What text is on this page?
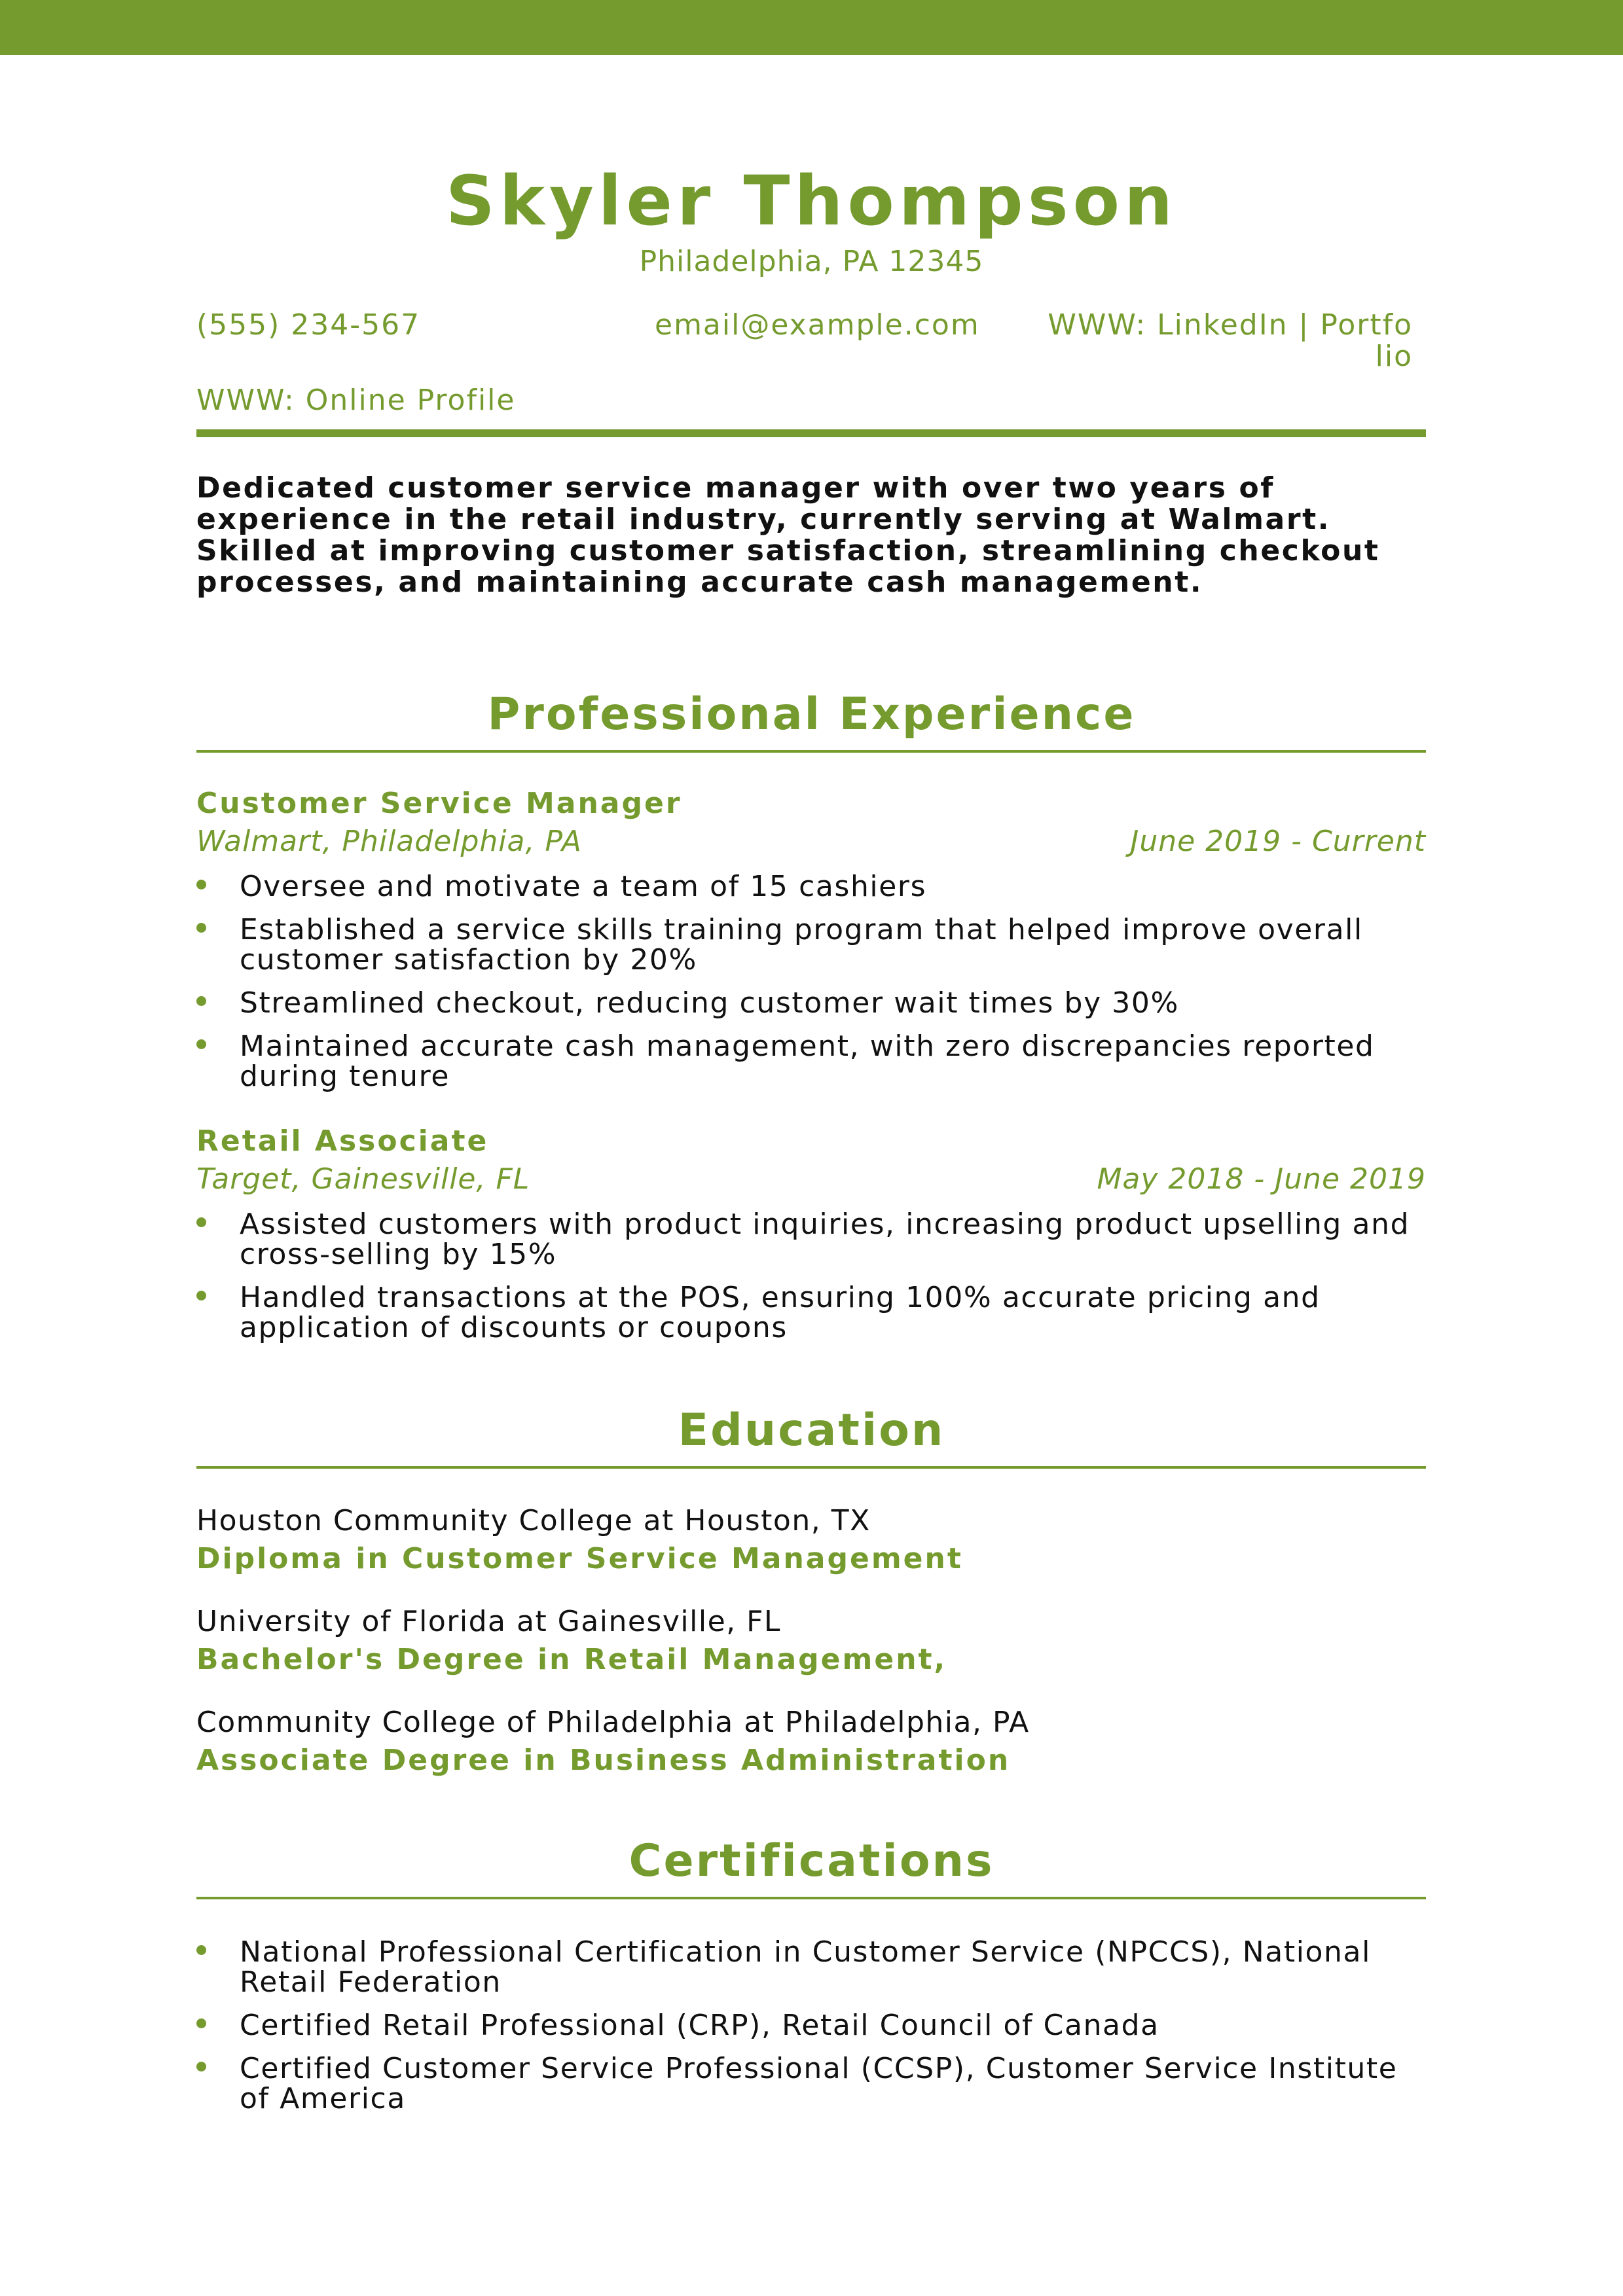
Skyler Thompson
Philadelphia, PA 12345
(555) 234-567	email@example.com WWW: LinkedIn | Portfo
lio
WWW: Online Profile
Dedicated customer service manager with over two years of experience in the retail industry, currently serving at Walmart. Skilled at improving customer satisfaction, streamlining checkout processes, and maintaining accurate cash management.
Professional Experience
Customer Service Manager
Walmart, Philadelphia, PA	June 2019 - Current
Oversee and motivate a team of 15 cashiers
Established a service skills training program that helped improve overall customer satisfaction by 20%
Streamlined checkout, reducing customer wait times by 30%
Maintained accurate cash management, with zero discrepancies reported during tenure
Retail Associate
Target, Gainesville, FL	May 2018 - June 2019
Assisted customers with product inquiries, increasing product upselling and cross-selling by 15%
Handled transactions at the POS, ensuring 100% accurate pricing and application of discounts or coupons
Education
Houston Community College at Houston, TX
Diploma in Customer Service Management
University of Florida at Gainesville, FL
Bachelor's Degree in Retail Management,
Community College of Philadelphia at Philadelphia, PA
Associate Degree in Business Administration
Certifications
National Professional Certification in Customer Service (NPCCS), National Retail Federation
Certified Retail Professional (CRP), Retail Council of Canada
Certified Customer Service Professional (CCSP), Customer Service Institute of America
